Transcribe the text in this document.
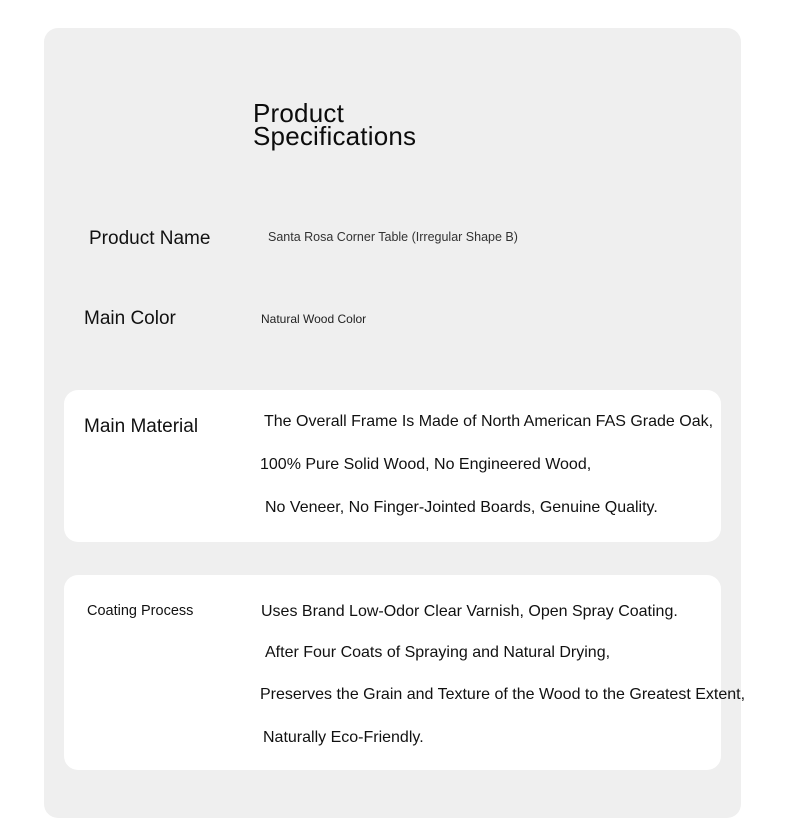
Product
Specifications
Product Name	Santa Rosa Corner Table (Irregular Shape B)
Main Color	Natural Wood Color
Main Material	The Overall Frame Is Made of North American FAS Grade Oak,
100% Pure Solid Wood, No Engineered Wood,
No Veneer, No Finger-Jointed Boards, Genuine Quality.
Coating Process	Uses Brand Low-Odor Clear Varnish, Open Spray Coating.
After Four Coats of Spraying and Natural Drying,
Preserves the Grain and Texture of the Wood to the Greatest Extent,
Naturally Eco-Friendly.
